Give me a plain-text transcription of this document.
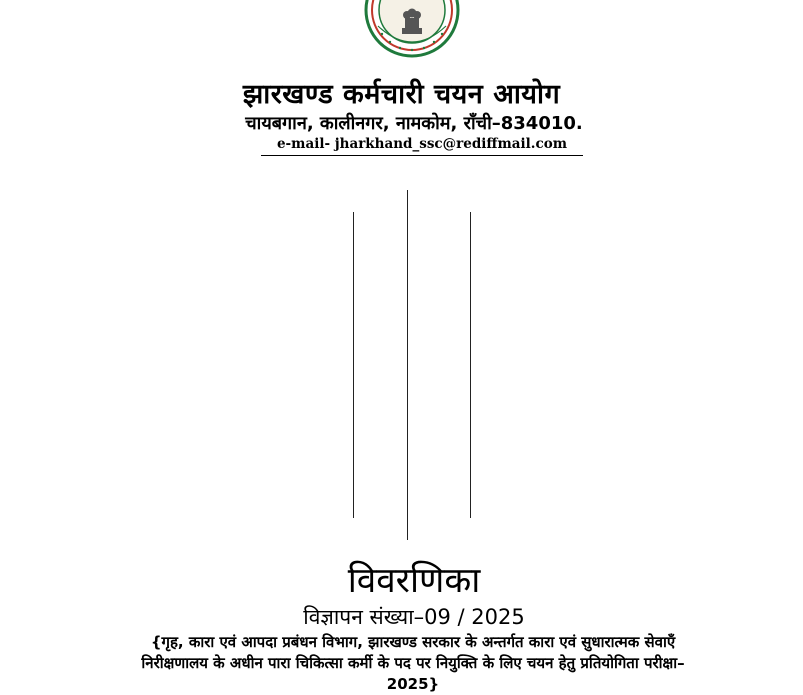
झारखण्ड कर्मचारी चयन आयोग
चायबगान, कालीनगर, नामकोम, राँची–834010.
e-mail- jharkhand_ssc@rediffmail.com
विवरणिका
विज्ञापन संख्या–09 / 2025
{गृह, कारा एवं आपदा प्रबंधन विभाग, झारखण्ड सरकार के अन्तर्गत कारा एवं सुधारात्मक सेवाएँ निरीक्षणालय के अधीन पारा चिकित्सा कर्मी के पद पर नियुक्ति के लिए चयन हेतु प्रतियोगिता परीक्षा–2025}
